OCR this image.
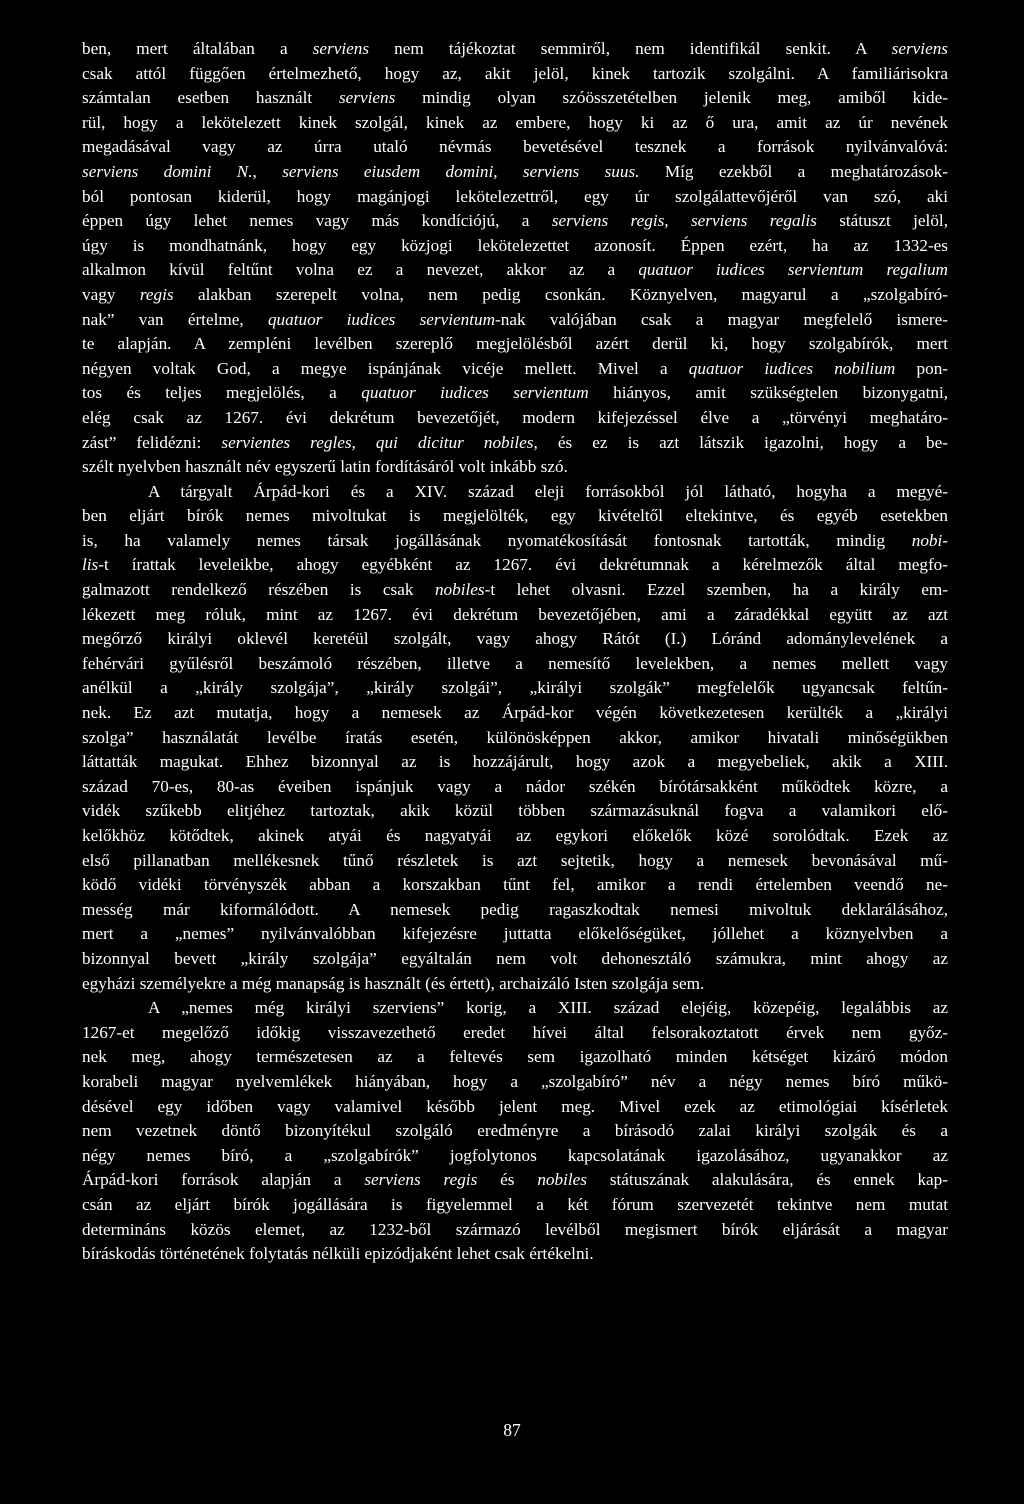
ben, mert általában a serviens nem tájékoztat semmiről, nem identifikál senkit. A serviens
csak attól függően értelmezhető, hogy az, akit jelöl, kinek tartozik szolgálni. A familiárisokra
számtalan esetben használt serviens mindig olyan szóösszetételben jelenik meg, amiből kide-
rül, hogy a lekötelezett kinek szolgál, kinek az embere, hogy ki az ő ura, amit az úr nevének
megadásával vagy az úrra utaló névmás bevetésével tesznek a források nyilvánvalóvá:
serviens domini N., serviens eiusdem domini, serviens suus. Míg ezekből a meghatározások-
ból pontosan kiderül, hogy magánjogi lekötelezettről, egy úr szolgálattevőjéről van szó, aki
éppen úgy lehet nemes vagy más kondíciójú, a serviens regis, serviens regalis státuszt jelöl,
úgy is mondhatnánk, hogy egy közjogi lekötelezettet azonosít. Éppen ezért, ha az 1332-es
alkalmon kívül feltűnt volna ez a nevezet, akkor az a quatuor iudices servientum regalium
vagy regis alakban szerepelt volna, nem pedig csonkán. Köznyelven, magyarul a „szolgabíró-
nak” van értelme, quatuor iudices servientum-nak valójában csak a magyar megfelelő ismere-
te alapján. A zempléni levélben szereplő megjelölésből azért derül ki, hogy szolgabírók, mert
négyen voltak God, a megye ispánjának vicéje mellett. Mivel a quatuor iudices nobilium pon-
tos és teljes megjelölés, a quatuor iudices servientum hiányos, amit szükségtelen bizonygatni,
elég csak az 1267. évi dekrétum bevezetőjét, modern kifejezéssel élve a „törvényi meghatáro-
zást” felidézni: servientes regles, qui dicitur nobiles, és ez is azt látszik igazolni, hogy a be-
szélt nyelvben használt név egyszerű latin fordításáról volt inkább szó.
A tárgyalt Árpád-kori és a XIV. század eleji forrásokból jól látható, hogyha a megyé-
ben eljárt bírók nemes mivoltukat is megjelölték, egy kivételtől eltekintve, és egyéb esetekben
is, ha valamely nemes társak jogállásának nyomatékosítását fontosnak tartották, mindig nobi-
lis-t írattak leveleikbe, ahogy egyébként az 1267. évi dekrétumnak a kérelmezők által megfo-
galmazott rendelkező részében is csak nobiles-t lehet olvasni. Ezzel szemben, ha a király em-
lékezett meg róluk, mint az 1267. évi dekrétum bevezetőjében, ami a záradékkal együtt az azt
megőrző királyi oklevél keretéül szolgált, vagy ahogy Rátót (I.) Lóránd adománylevelének a
fehérvári gyűlésről beszámoló részében, illetve a nemesítő levelekben, a nemes mellett vagy
anélkül a „király szolgája”, „király szolgái”, „királyi szolgák” megfelelők ugyancsak feltűn-
nek. Ez azt mutatja, hogy a nemesek az Árpád-kor végén következetesen kerülték a „királyi
szolga” használatát levélbe íratás esetén, különösképpen akkor, amikor hivatali minőségükben
láttatták magukat. Ehhez bizonnyal az is hozzájárult, hogy azok a megyebeliek, akik a XIII.
század 70-es, 80-as éveiben ispánjuk vagy a nádor székén bírótársakként működtek közre, a
vidék szűkebb elitjéhez tartoztak, akik közül többen származásuknál fogva a valamikori elő-
kelőkhöz kötődtek, akinek atyái és nagyatyái az egykori előkelők közé sorolódtak. Ezek az
első pillanatban mellékesnek tűnő részletek is azt sejtetik, hogy a nemesek bevonásával mű-
ködő vidéki törvényszék abban a korszakban tűnt fel, amikor a rendi értelemben veendő ne-
messég már kiformálódott. A nemesek pedig ragaszkodtak nemesi mivoltuk deklarálásához,
mert a „nemes” nyilvánvalóbban kifejezésre juttatta előkelőségüket, jóllehet a köznyelvben a
bizonnyal bevett „király szolgája” egyáltalán nem volt dehonesztáló számukra, mint ahogy az
egyházi személyekre a még manapság is használt (és értett), archaizáló Isten szolgája sem.
A „nemes még királyi szerviens” korig, a XIII. század elejéig, közepéig, legalábbis az
1267-et megelőző időkig visszavezethető eredet hívei által felsorakoztatott érvek nem győz-
nek meg, ahogy természetesen az a feltevés sem igazolható minden kétséget kizáró módon
korabeli magyar nyelvemlékek hiányában, hogy a „szolgabíró” név a négy nemes bíró műkö-
désével egy időben vagy valamivel később jelent meg. Mivel ezek az etimológiai kísérletek
nem vezetnek döntő bizonyítékul szolgáló eredményre a bírásodó zalai királyi szolgák és a
négy nemes bíró, a „szolgabírók” jogfolytonos kapcsolatának igazolásához, ugyanakkor az
Árpád-kori források alapján a serviens regis és nobiles státuszának alakulására, és ennek kap-
csán az eljárt bírók jogállására is figyelemmel a két fórum szervezetét tekintve nem mutat
determináns közös elemet, az 1232-ből származó levélből megismert bírók eljárását a magyar
bíráskodás történetének folytatás nélküli epizódjaként lehet csak értékelni.
87
